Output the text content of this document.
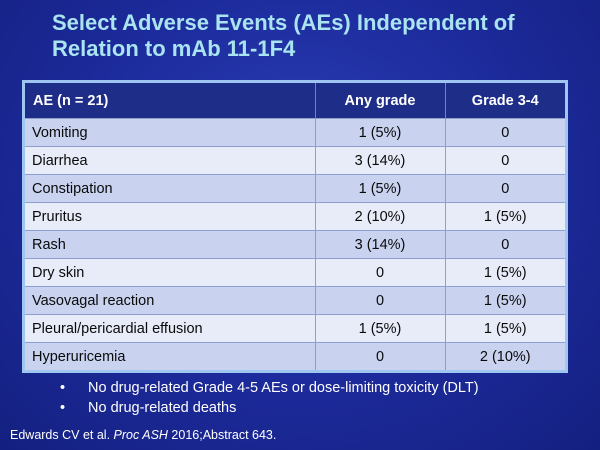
Select Adverse Events (AEs) Independent of Relation to mAb 11-1F4
AE (n = 21)	Any grade	Grade 3-4
Vomiting	1 (5%)	0
Diarrhea	3 (14%)	0
Constipation	1 (5%)	0
Pruritus	2 (10%)	1 (5%)
Rash	3 (14%)	0
Dry skin	0	1 (5%)
Vasovagal reaction	0	1 (5%)
Pleural/pericardial effusion	1 (5%)	1 (5%)
Hyperuricemia	0	2 (10%)
• No drug-related Grade 4-5 AEs or dose-limiting toxicity (DLT)
• No drug-related deaths
Edwards CV et al. Proc ASH 2016;Abstract 643.
